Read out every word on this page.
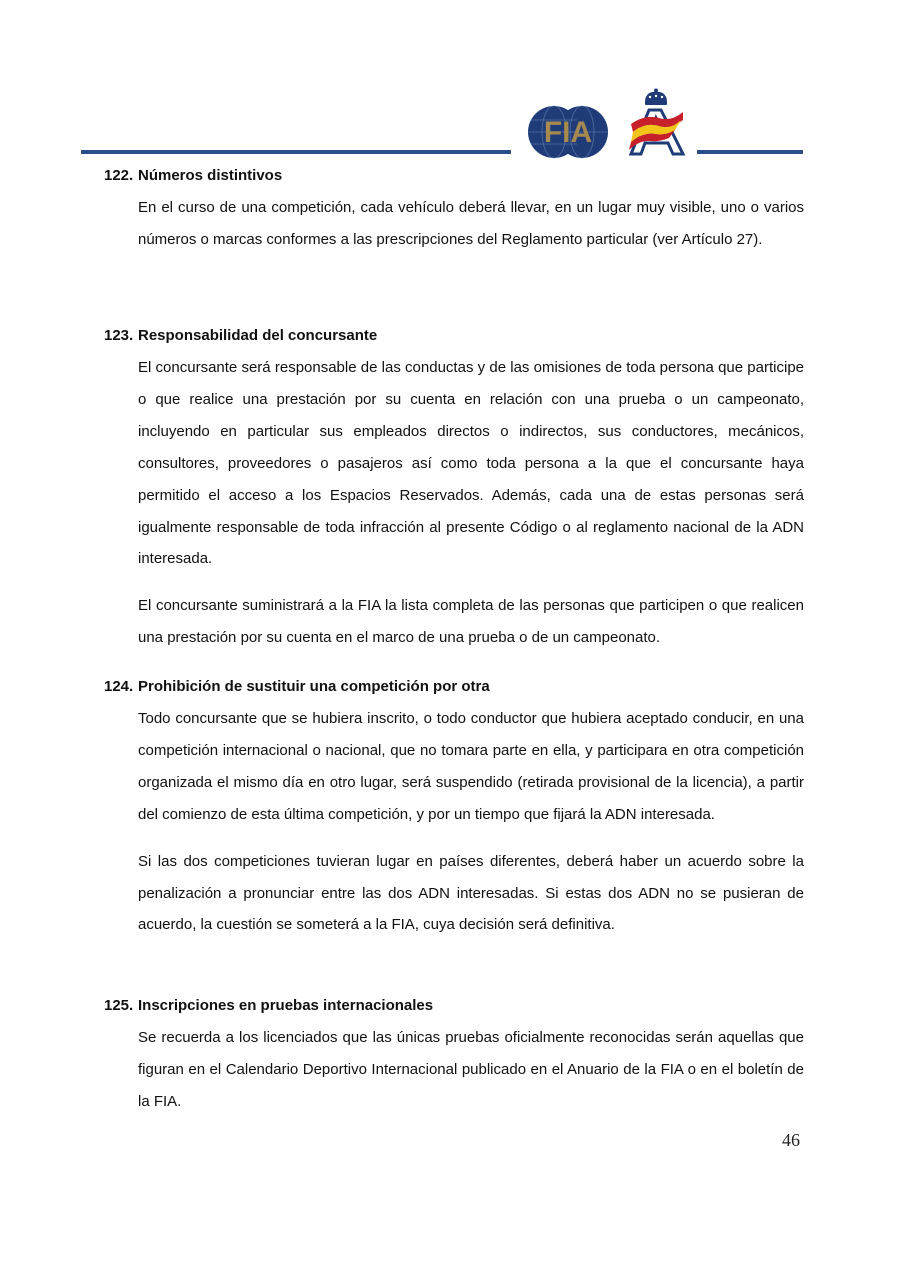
FIA
122. Números distintivos

En el curso de una competición, cada vehículo deberá llevar, en un lugar muy visible, uno o varios números o marcas conformes a las prescripciones del Reglamento particular (ver Artículo 27).

123. Responsabilidad del concursante

El concursante será responsable de las conductas y de las omisiones de toda persona que participe o que realice una prestación por su cuenta en relación con una prueba o un campeonato, incluyendo en particular sus empleados directos o indirectos, sus conductores, mecánicos, consultores, proveedores o pasajeros así como toda persona a la que el concursante haya permitido el acceso a los Espacios Reservados. Además, cada una de estas personas será igualmente responsable de toda infracción al presente Código o al reglamento nacional de la ADN interesada.

El concursante suministrará a la FIA la lista completa de las personas que participen o que realicen una prestación por su cuenta en el marco de una prueba o de un campeonato.

124. Prohibición de sustituir una competición por otra

Todo concursante que se hubiera inscrito, o todo conductor que hubiera aceptado conducir, en una competición internacional o nacional, que no tomara parte en ella, y participara en otra competición organizada el mismo día en otro lugar, será suspendido (retirada provisional de la licencia), a partir del comienzo de esta última competición, y por un tiempo que fijará la ADN interesada.

Si las dos competiciones tuvieran lugar en países diferentes, deberá haber un acuerdo sobre la penalización a pronunciar entre las dos ADN interesadas. Si estas dos ADN no se pusieran de acuerdo, la cuestión se someterá a la FIA, cuya decisión será definitiva.

125. Inscripciones en pruebas internacionales

Se recuerda a los licenciados que las únicas pruebas oficialmente reconocidas serán aquellas que figuran en el Calendario Deportivo Internacional publicado en el Anuario de la FIA o en el boletín de la FIA.

46
